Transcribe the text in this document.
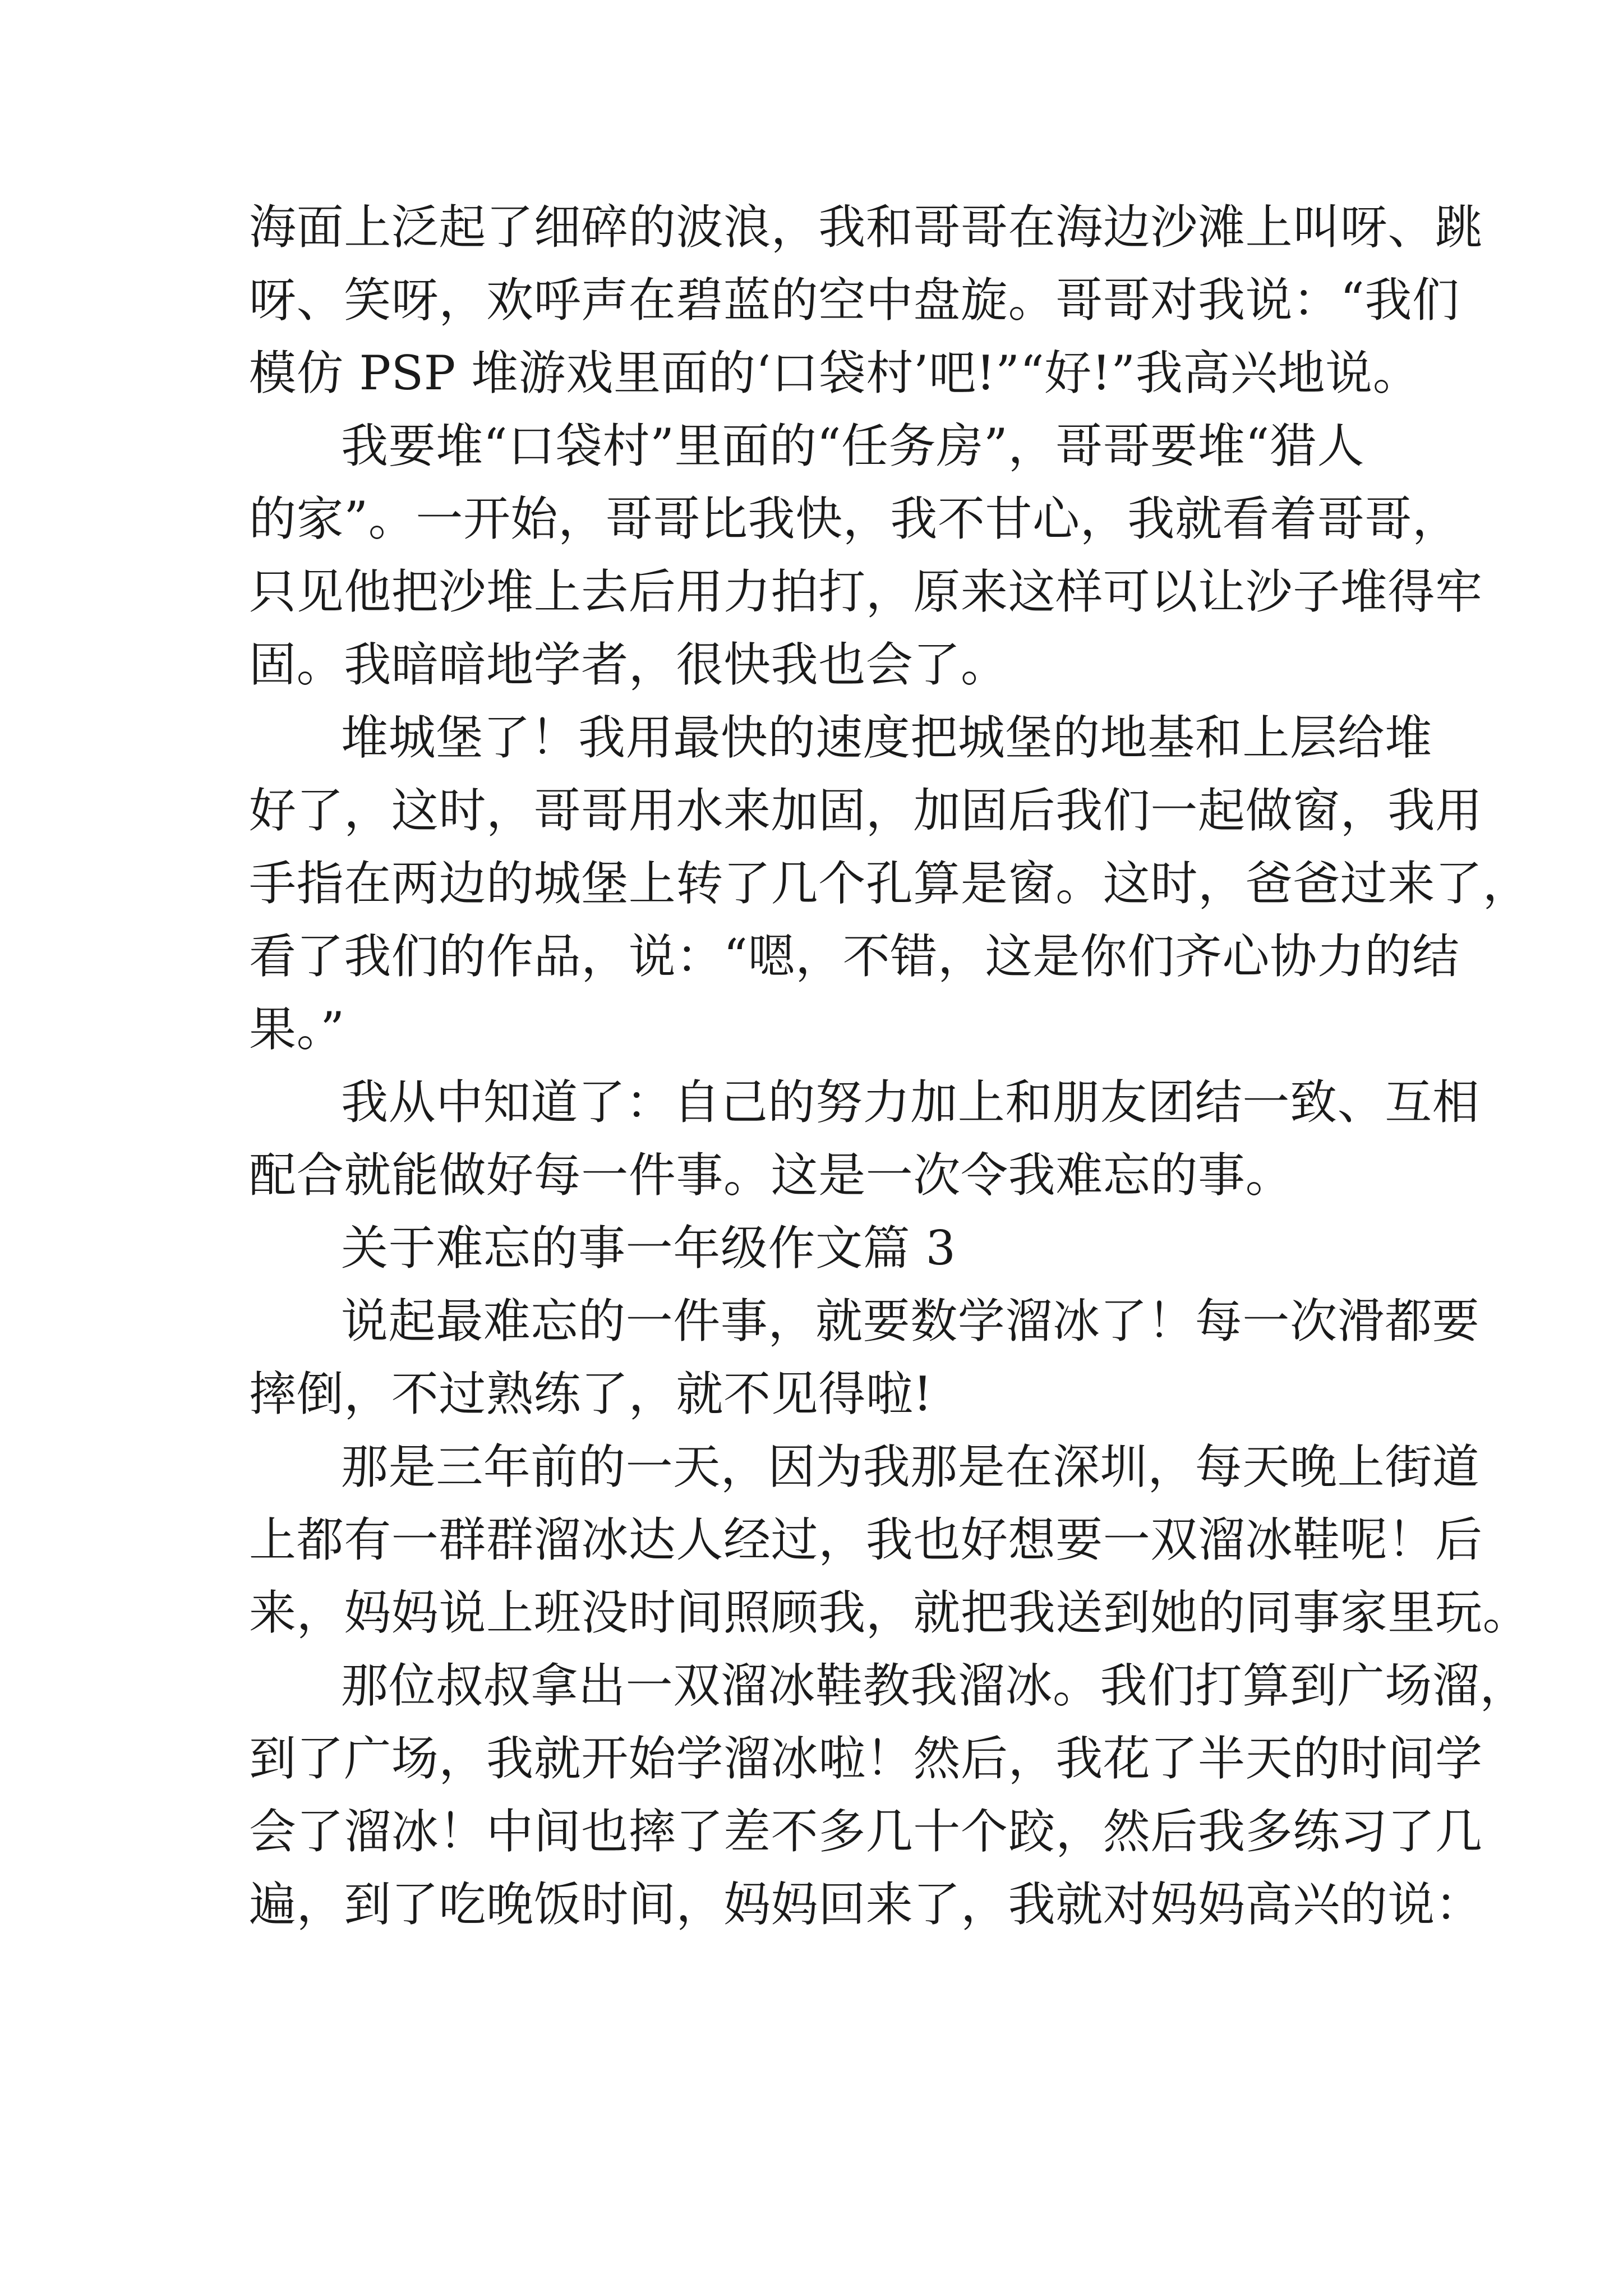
海面上泛起了细碎的波浪，我和哥哥在海边沙滩上叫呀、跳
呀、笑呀，欢呼声在碧蓝的空中盘旋。哥哥对我说：“我们
模仿 PSP 堆游戏里面的‘口袋村’吧!”“好!”我高兴地说。
我要堆“口袋村”里面的“任务房”，哥哥要堆“猎人
的家”。一开始，哥哥比我快，我不甘心，我就看着哥哥，
只见他把沙堆上去后用力拍打，原来这样可以让沙子堆得牢
固。我暗暗地学者，很快我也会了。
堆城堡了！我用最快的速度把城堡的地基和上层给堆
好了，这时，哥哥用水来加固，加固后我们一起做窗，我用
手指在两边的城堡上转了几个孔算是窗。这时，爸爸过来了，
看了我们的作品，说：“嗯，不错，这是你们齐心协力的结
果。”
我从中知道了：自己的努力加上和朋友团结一致、互相
配合就能做好每一件事。这是一次令我难忘的事。
关于难忘的事一年级作文篇 3
说起最难忘的一件事，就要数学溜冰了！每一次滑都要
摔倒，不过熟练了，就不见得啦!
那是三年前的一天，因为我那是在深圳，每天晚上街道
上都有一群群溜冰达人经过，我也好想要一双溜冰鞋呢！后
来，妈妈说上班没时间照顾我，就把我送到她的同事家里玩。
那位叔叔拿出一双溜冰鞋教我溜冰。我们打算到广场溜，
到了广场，我就开始学溜冰啦！然后，我花了半天的时间学
会了溜冰！中间也摔了差不多几十个跤，然后我多练习了几
遍，到了吃晚饭时间，妈妈回来了，我就对妈妈高兴的说：
